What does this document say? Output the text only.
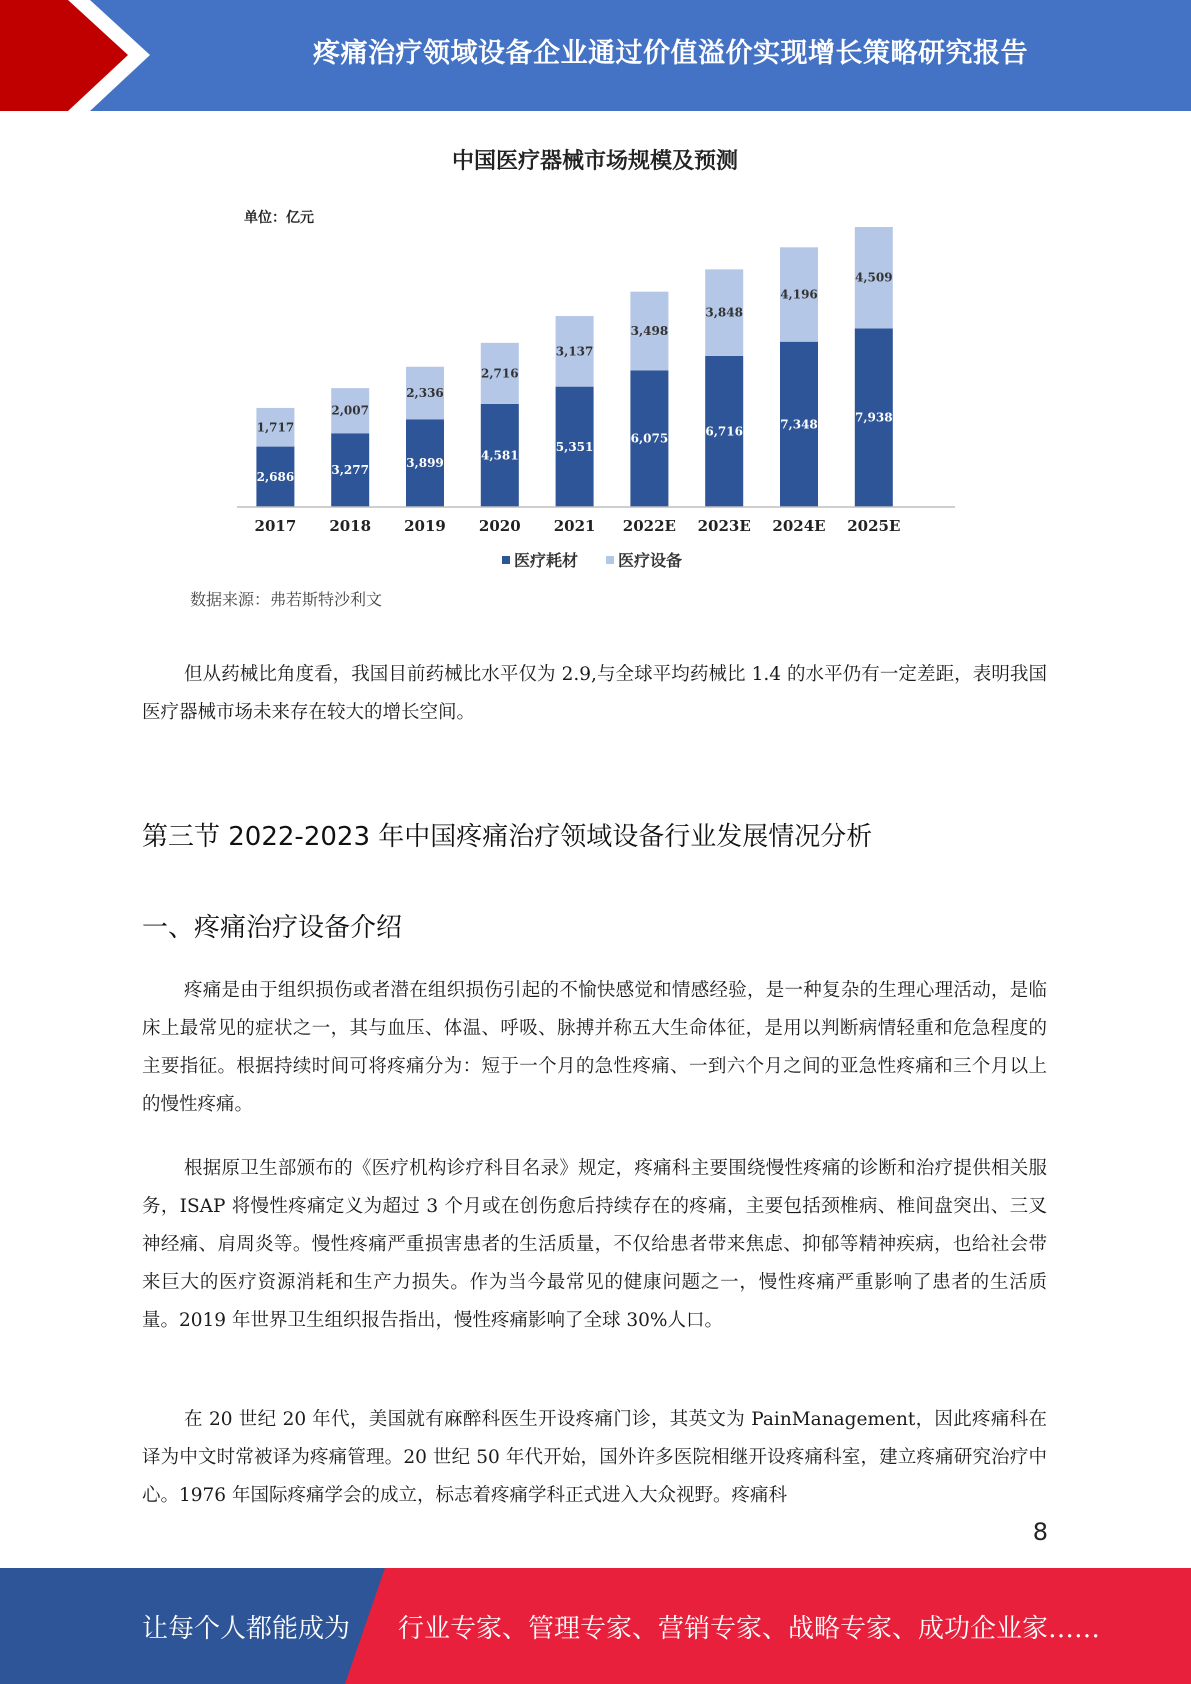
疼痛治疗领域设备企业通过价值溢价实现增长策略研究报告
中国医疗器械市场规模及预测
单位：亿元
2,686
1,717
3,277
2,007
3,899
2,336
4,581
2,716
5,351
3,137
6,075
3,498
6,716
3,848
7,348
4,196
7,938
4,509
2017 2018 2019 2020 2021 2022E 2023E 2024E 2025E
医疗耗材 医疗设备
数据来源：弗若斯特沙利文

但从药械比角度看，我国目前药械比水平仅为 2.9,与全球平均药械比 1.4 的水平仍有一定差距，表明我国医疗器械市场未来存在较大的增长空间。

第三节 2022-2023 年中国疼痛治疗领域设备行业发展情况分析
一、疼痛治疗设备介绍

疼痛是由于组织损伤或者潜在组织损伤引起的不愉快感觉和情感经验，是一种复杂的生理心理活动，是临床上最常见的症状之一，其与血压、体温、呼吸、脉搏并称五大生命体征，是用以判断病情轻重和危急程度的主要指征。根据持续时间可将疼痛分为：短于一个月的急性疼痛、一到六个月之间的亚急性疼痛和三个月以上的慢性疼痛。

根据原卫生部颁布的《医疗机构诊疗科目名录》规定，疼痛科主要围绕慢性疼痛的诊断和治疗提供相关服务，ISAP 将慢性疼痛定义为超过 3 个月或在创伤愈后持续存在的疼痛，主要包括颈椎病、椎间盘突出、三叉神经痛、肩周炎等。慢性疼痛严重损害患者的生活质量，不仅给患者带来焦虑、抑郁等精神疾病，也给社会带来巨大的医疗资源消耗和生产力损失。作为当今最常见的健康问题之一，慢性疼痛严重影响了患者的生活质量。2019 年世界卫生组织报告指出，慢性疼痛影响了全球 30%人口。

在 20 世纪 20 年代，美国就有麻醉科医生开设疼痛门诊，其英文为 PainManagement，因此疼痛科在译为中文时常被译为疼痛管理。20 世纪 50 年代开始，国外许多医院相继开设疼痛科室，建立疼痛研究治疗中心。1976 年国际疼痛学会的成立，标志着疼痛学科正式进入大众视野。疼痛科

8
让每个人都能成为 行业专家、管理专家、营销专家、战略专家、成功企业家……
